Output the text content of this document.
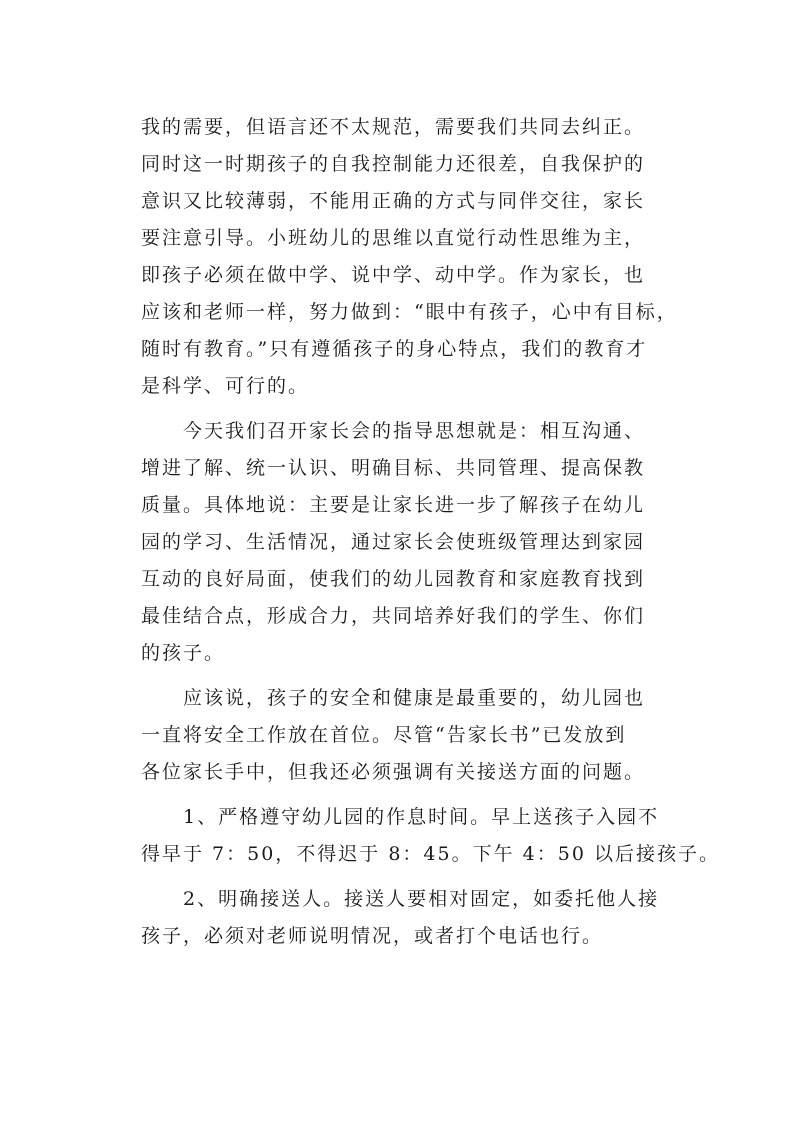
我的需要，但语言还不太规范，需要我们共同去纠正。
同时这一时期孩子的自我控制能力还很差，自我保护的
意识又比较薄弱，不能用正确的方式与同伴交往，家长
要注意引导。小班幼儿的思维以直觉行动性思维为主，
即孩子必须在做中学、说中学、动中学。作为家长，也
应该和老师一样，努力做到：“眼中有孩子，心中有目标，
随时有教育。”只有遵循孩子的身心特点，我们的教育才
是科学、可行的。
今天我们召开家长会的指导思想就是：相互沟通、
增进了解、统一认识、明确目标、共同管理、提高保教
质量。具体地说：主要是让家长进一步了解孩子在幼儿
园的学习、生活情况，通过家长会使班级管理达到家园
互动的良好局面，使我们的幼儿园教育和家庭教育找到
最佳结合点，形成合力，共同培养好我们的学生、你们
的孩子。
应该说，孩子的安全和健康是最重要的，幼儿园也
一直将安全工作放在首位。尽管“告家长书”已发放到
各位家长手中，但我还必须强调有关接送方面的问题。
1、严格遵守幼儿园的作息时间。早上送孩子入园不
得早于 7：50，不得迟于 8：45。下午 4：50 以后接孩子。
2、明确接送人。接送人要相对固定，如委托他人接
孩子，必须对老师说明情况，或者打个电话也行。
